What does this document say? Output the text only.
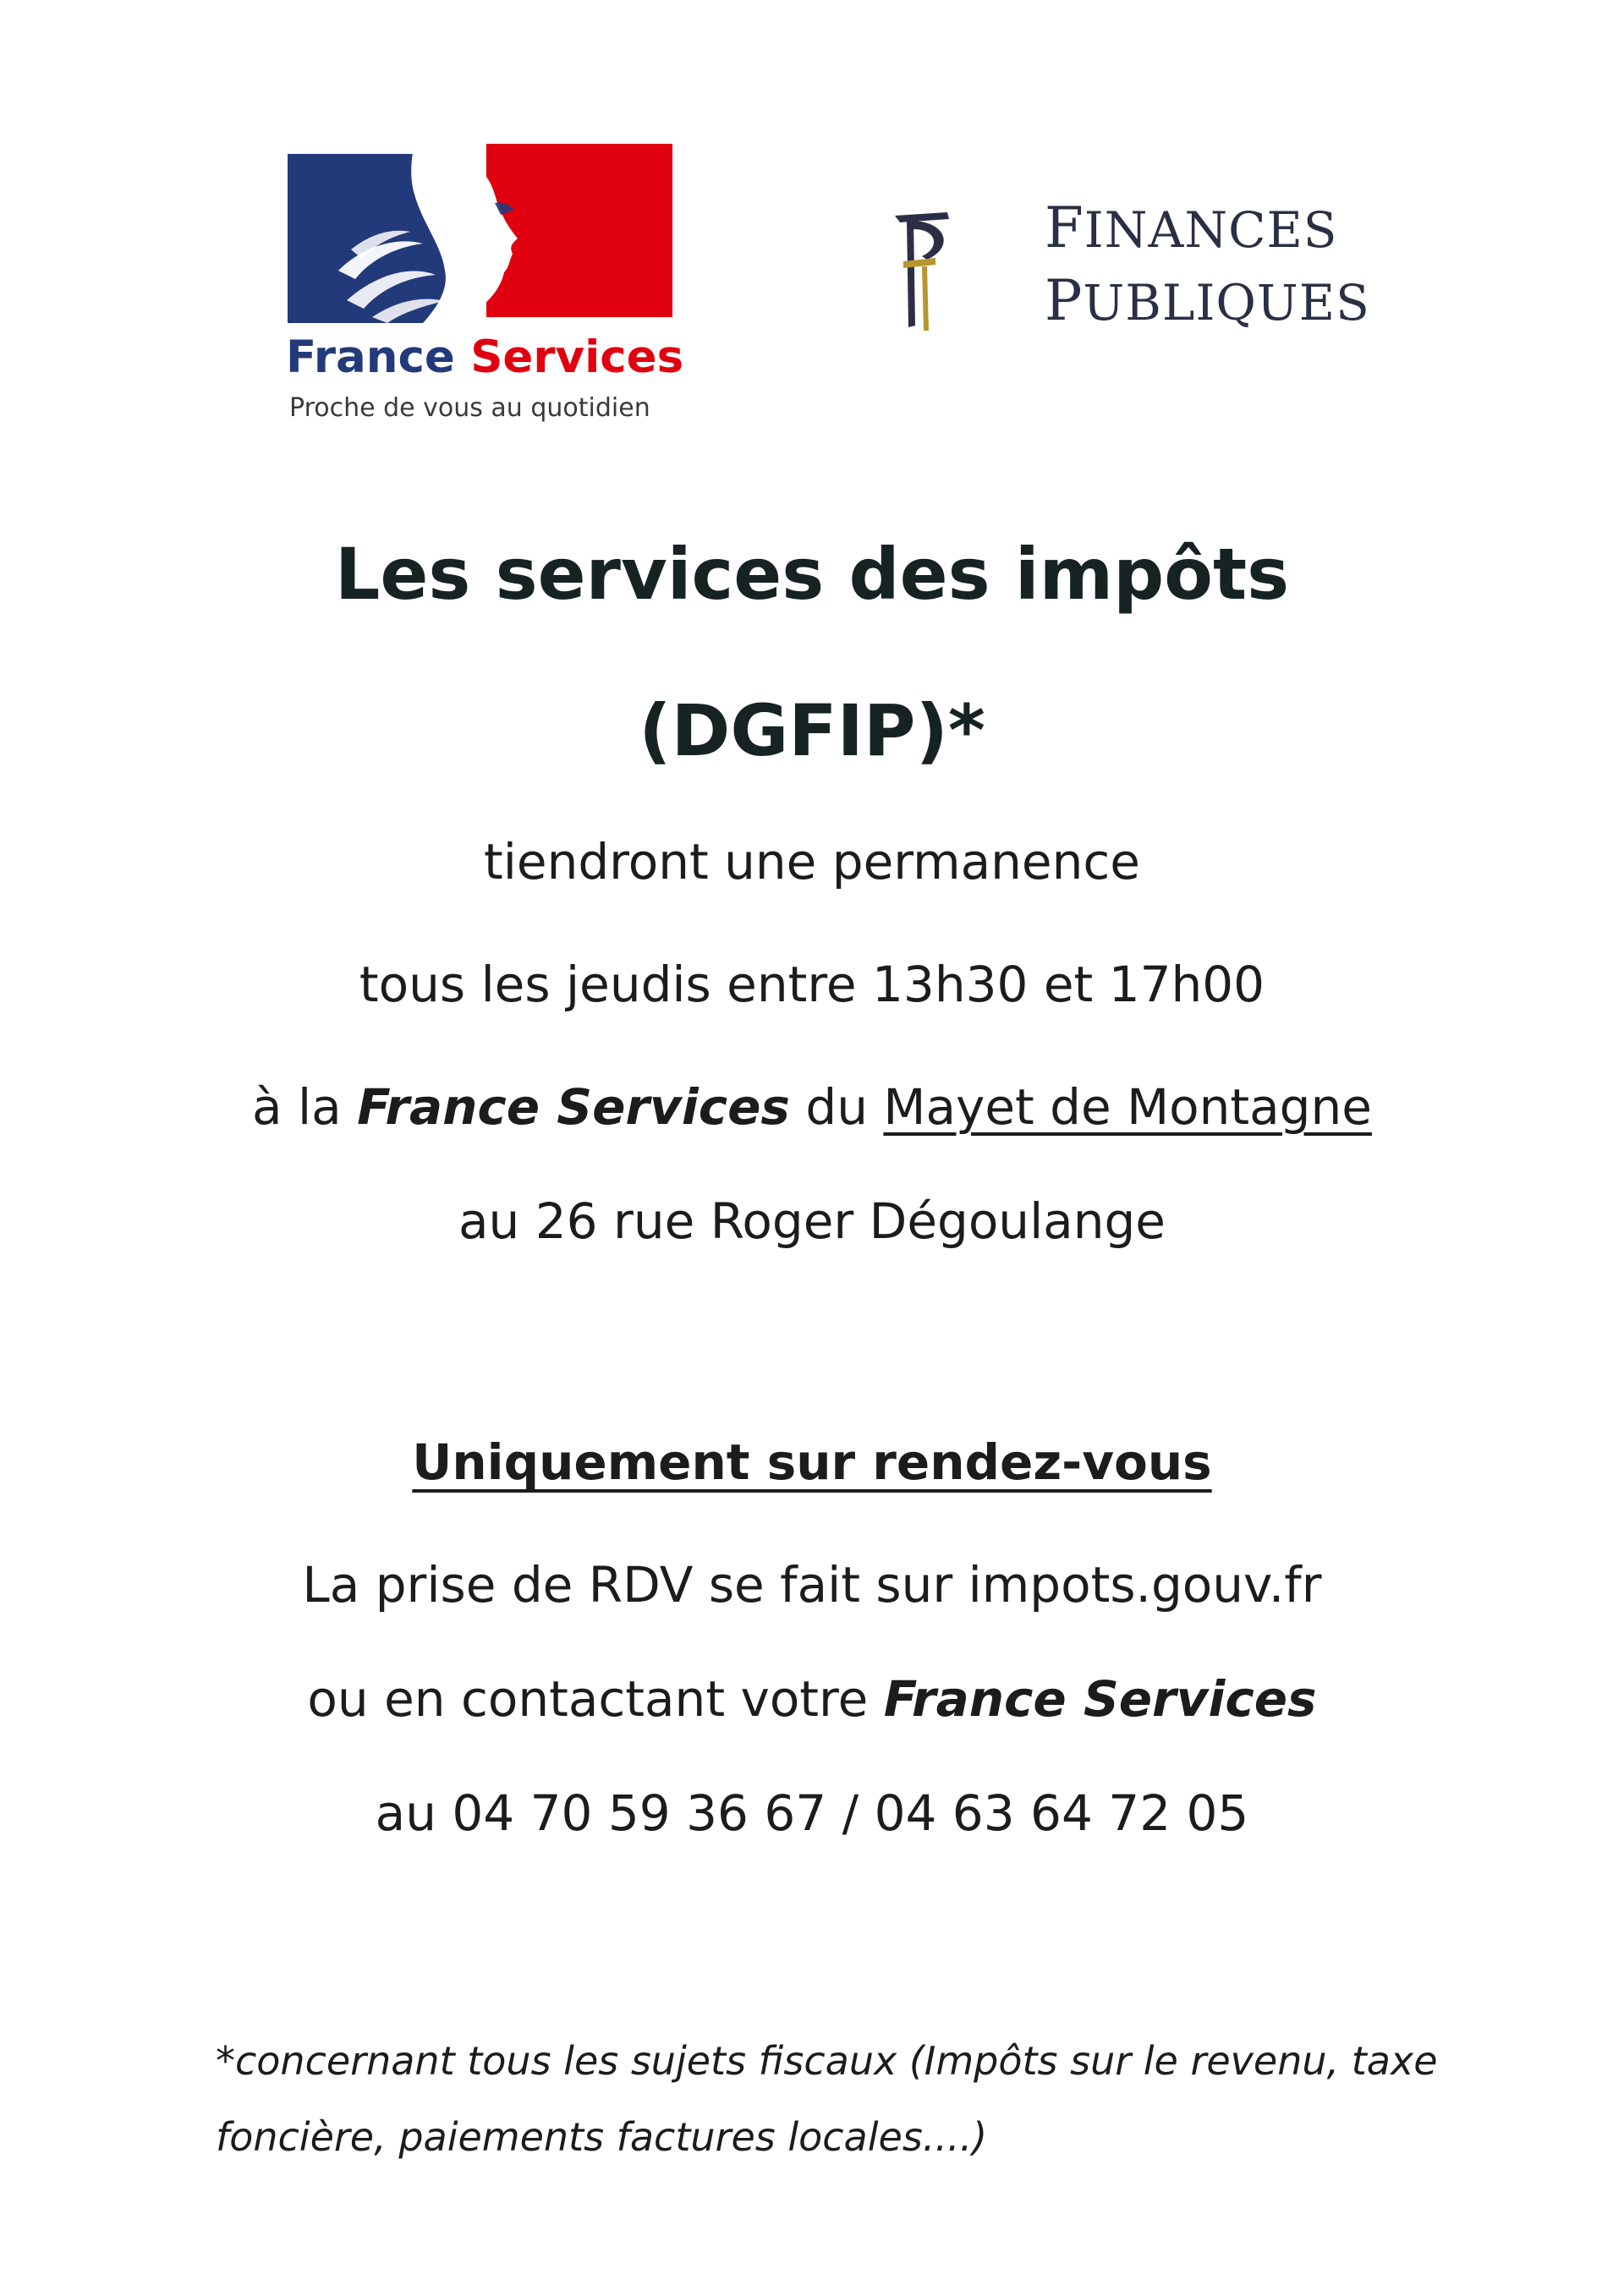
France Services
Proche de vous au quotidien
FINANCES
PUBLIQUES
Les services des impôts
(DGFIP)*
tiendront une permanence
tous les jeudis entre 13h30 et 17h00
à la France Services du Mayet de Montagne
au 26 rue Roger Dégoulange
Uniquement sur rendez-vous
La prise de RDV se fait sur impots.gouv.fr
ou en contactant votre France Services
au 04 70 59 36 67 / 04 63 64 72 05
*concernant tous les sujets fiscaux (Impôts sur le revenu, taxe
foncière, paiements factures locales....)
